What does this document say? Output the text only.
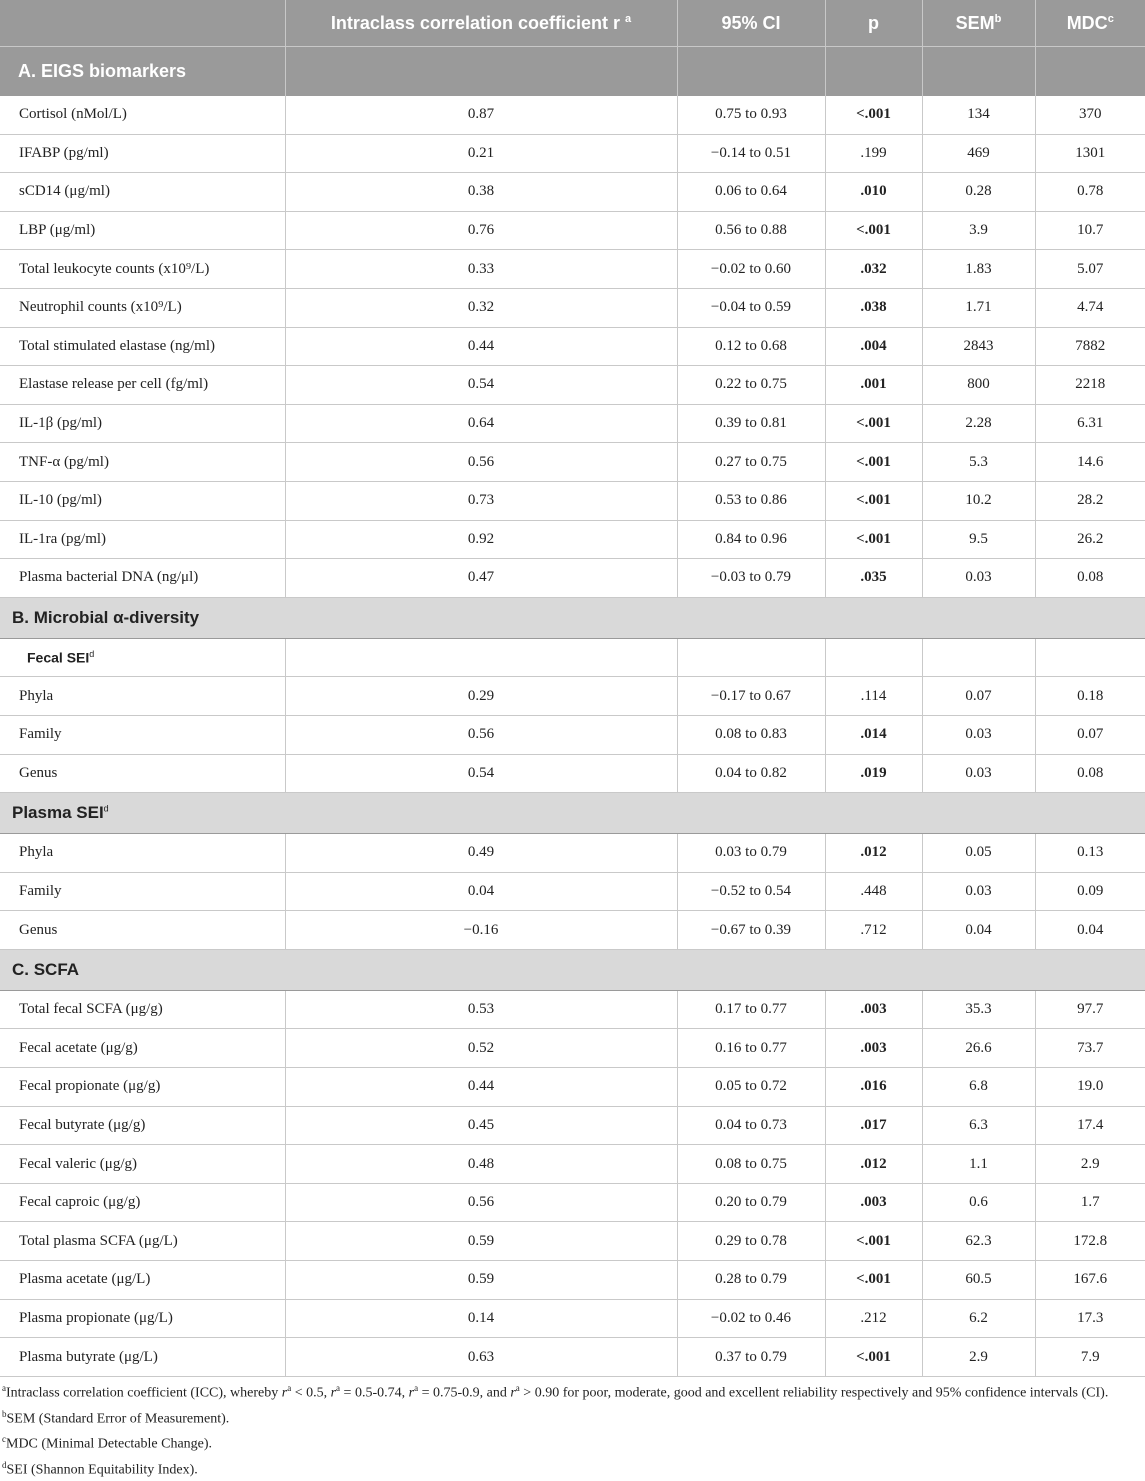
	Intraclass correlation coefficient r $^a$	95% CI	p	SEM$^b$	MDC$^c$
A. EIGS biomarkers					
Cortisol (nMol/L)	0.87	0.75 to 0.93	<.001	134	370
IFABP (pg/ml)	0.21	−0.14 to 0.51	.199	469	1301
sCD14 (μg/ml)	0.38	0.06 to 0.64	.010	0.28	0.78
LBP (μg/ml)	0.76	0.56 to 0.88	<.001	3.9	10.7
Total leukocyte counts (x10⁹/L)	0.33	−0.02 to 0.60	.032	1.83	5.07
Neutrophil counts (x10⁹/L)	0.32	−0.04 to 0.59	.038	1.71	4.74
Total stimulated elastase (ng/ml)	0.44	0.12 to 0.68	.004	2843	7882
Elastase release per cell (fg/ml)	0.54	0.22 to 0.75	.001	800	2218
IL-1β (pg/ml)	0.64	0.39 to 0.81	<.001	2.28	6.31
TNF-α (pg/ml)	0.56	0.27 to 0.75	<.001	5.3	14.6
IL-10 (pg/ml)	0.73	0.53 to 0.86	<.001	10.2	28.2
IL-1ra (pg/ml)	0.92	0.84 to 0.96	<.001	9.5	26.2
Plasma bacterial DNA (ng/μl)	0.47	−0.03 to 0.79	.035	0.03	0.08
B. Microbial α-diversity					
Fecal SEI$^d$					
Phyla	0.29	−0.17 to 0.67	.114	0.07	0.18
Family	0.56	0.08 to 0.83	.014	0.03	0.07
Genus	0.54	0.04 to 0.82	.019	0.03	0.08
Plasma SEI$^d$
Phyla	0.49	0.03 to 0.79	.012	0.05	0.13
Family	0.04	−0.52 to 0.54	.448	0.03	0.09
Genus	−0.16	−0.67 to 0.39	.712	0.04	0.04
C. SCFA					
Total fecal SCFA (μg/g)	0.53	0.17 to 0.77	.003	35.3	97.7
Fecal acetate (μg/g)	0.52	0.16 to 0.77	.003	26.6	73.7
Fecal propionate (μg/g)	0.44	0.05 to 0.72	.016	6.8	19.0
Fecal butyrate (μg/g)	0.45	0.04 to 0.73	.017	6.3	17.4
Fecal valeric (μg/g)	0.48	0.08 to 0.75	.012	1.1	2.9
Fecal caproic (μg/g)	0.56	0.20 to 0.79	.003	0.6	1.7
Total plasma SCFA (μg/L)	0.59	0.29 to 0.78	<.001	62.3	172.8
Plasma acetate (μg/L)	0.59	0.28 to 0.79	<.001	60.5	167.6
Plasma propionate (μg/L)	0.14	−0.02 to 0.46	.212	6.2	17.3
Plasma butyrate (μg/L)	0.63	0.37 to 0.79	<.001	2.9	7.9

$^a$Intraclass correlation coefficient (ICC), whereby $r^a < 0.5$, $r^a = 0.5-0.74$, $r^a = 0.75-0.9$, and $r^a > 0.90$ for poor, moderate, good and excellent reliability respectively and 95% confidence intervals (CI).

$^b$SEM (Standard Error of Measurement).

$^c$MDC (Minimal Detectable Change).

$^d$SEI (Shannon Equitability Index).
